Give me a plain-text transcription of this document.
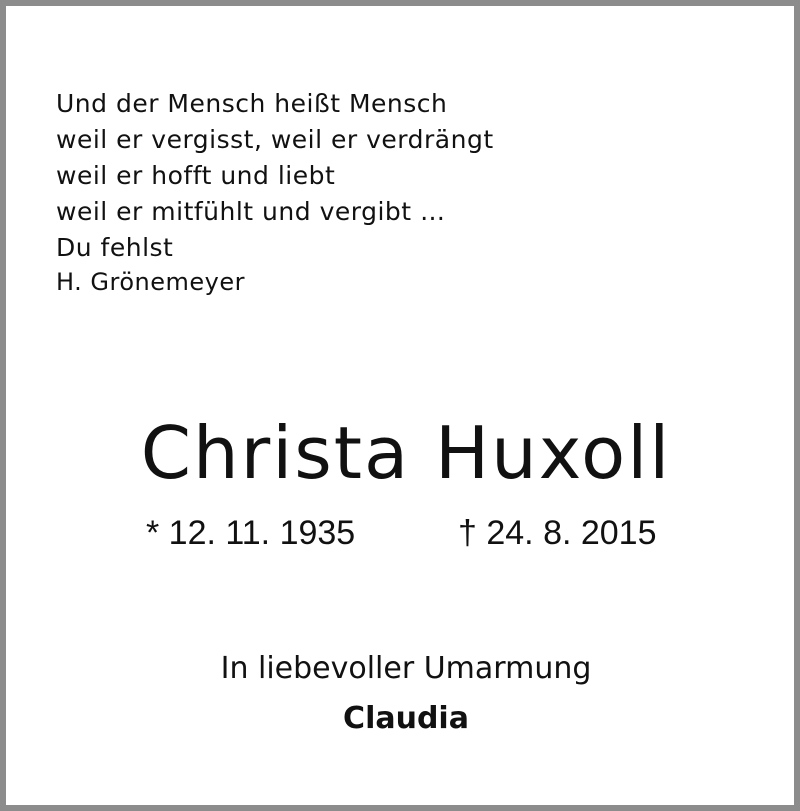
Und der Mensch heißt Mensch
weil er vergisst, weil er verdrängt
weil er hofft und liebt
weil er mitfühlt und vergibt …
Du fehlst
H. Grönemeyer
Christa Huxoll
* 12. 11. 1935	† 24. 8. 2015
In liebevoller Umarmung
Claudia
